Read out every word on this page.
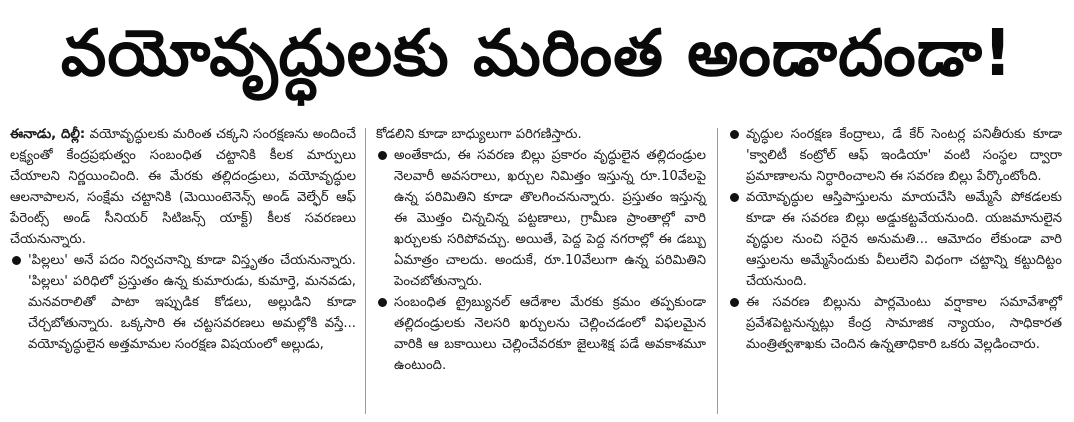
వయోవృద్ధులకు మరింత అండాదండా!

ఈనాడు, దిల్లీ: వయోవృద్ధులకు మరింత చక్కని సంరక్షణను అందించే లక్ష్యంతో కేంద్రప్రభుత్వం సంబంధిత చట్టానికి కీలక మార్పులు చేయాలని నిర్ణయించింది. ఈ మేరకు తల్లిదండ్రులు, వయోవృద్ధుల ఆలనాపాలన, సంక్షేమ చట్టానికి (మెయింటెనెన్స్ అండ్ వెల్ఫేర్ ఆఫ్ పేరెంట్స్ అండ్ సీనియర్ సిటిజన్స్ యాక్ట్) కీలక సవరణలు చేయనున్నారు.

'పిల్లలు' అనే పదం నిర్వచనాన్ని కూడా విస్తృతం చేయనున్నారు. 'పిల్లలు' పరిధిలో ప్రస్తుతం ఉన్న కుమారుడు, కుమార్తె, మనవడు, మనవరాలితో పాటా ఇప్పుడిక కోడలు, అల్లుడిని కూడా చేర్చబోతున్నారు. ఒక్కసారి ఈ చట్టసవరణలు అమల్లోకి వస్తే... వయోవృద్ధులైన అత్తమామల సంరక్షణ విషయంలో అల్లుడు,

కోడలిని కూడా బాధ్యులుగా పరిగణిస్తారు.

అంతేకాదు, ఈ సవరణ బిల్లు ప్రకారం వృద్ధులైన తల్లిదండ్రుల నెలవారీ అవసరాలు, ఖర్చుల నిమిత్తం ఇస్తున్న రూ.10వేలపై ఉన్న పరిమితిని కూడా తొలగించనున్నారు. ప్రస్తుతం ఇస్తున్న ఈ మొత్తం చిన్నచిన్న పట్టణాలు, గ్రామీణ ప్రాంతాల్లో వారి ఖర్చులకు సరిపోవచ్చు. అయితే, పెద్ద పెద్ద నగరాల్లో ఈ డబ్బు ఏమాత్రం చాలదు. అందుకే, రూ.10వేలుగా ఉన్న పరిమితిని పెంచబోతున్నారు.

సంబంధిత ట్రైబ్యునల్ ఆదేశాల మేరకు క్రమం తప్పకుండా తల్లిదండ్రులకు నెలసరి ఖర్చులను చెల్లించడంలో విఫలమైన వారికి ఆ బకాయిలు చెల్లించేవరకూ జైలుశిక్ష పడే అవకాశమూ ఉంటుంది.

వృద్ధుల సంరక్షణ కేంద్రాలు, డే కేర్ సెంటర్ల పనితీరుకు కూడా 'క్వాలిటీ కంట్రోల్ ఆఫ్ ఇండియా' వంటి సంస్థల ద్వారా ప్రమాణాలను నిర్ధారించాలని ఈ సవరణ బిల్లు పేర్కొంటోంది.

వయోవృద్ధుల ఆస్తిపాస్తులను మాయచేసి అమ్మేసే పోకడలకు కూడా ఈ సవరణ బిల్లు అడ్డుకట్టవేయనుంది. యజమానులైన వృద్ధుల నుంచి సరైన అనుమతి... ఆమోదం లేకుండా వారి ఆస్తులను అమ్మేసేందుకు వీలులేని విధంగా చట్టాన్ని కట్టుదిట్టం చేయనుంది.

ఈ సవరణ బిల్లును పార్లమెంటు వర్షాకాల సమావేశాల్లో ప్రవేశపెట్టనున్నట్లు కేంద్ర సామాజిక న్యాయం, సాధికారత మంత్రిత్వశాఖకు చెందిన ఉన్నతాధికారి ఒకరు వెల్లడించారు.
